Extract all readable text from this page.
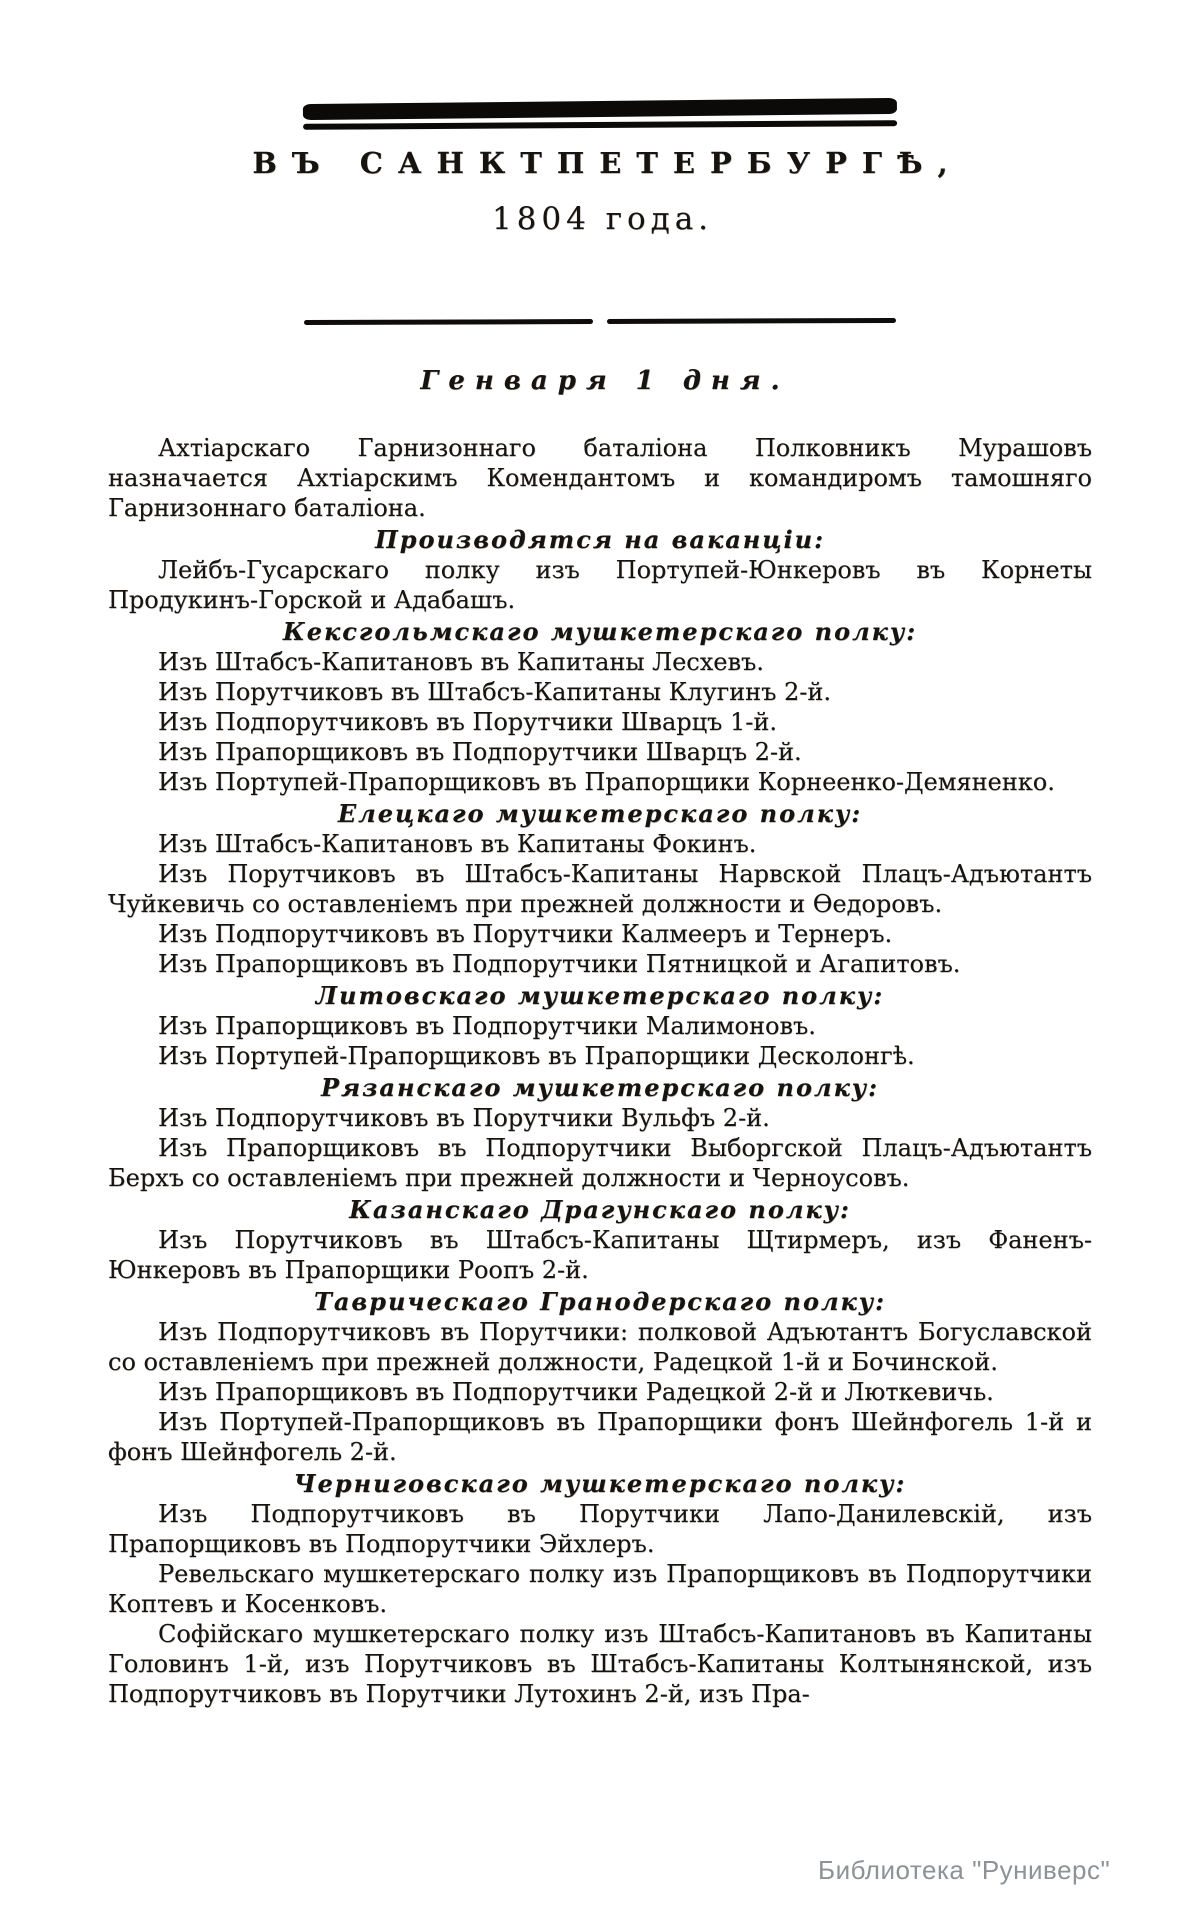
ВЪ САНКТПЕТЕРБУРГѢ,
1804 года.
Генваря 1 дня.
Ахтіарскаго Гарнизоннаго баталіона Полковникъ Мурашовъ назначается Ахтіарскимъ Комендантомъ и командиромъ тамошняго Гарнизоннаго баталіона.
Производятся на ваканціи:
Лейбъ-Гусарскаго полку изъ Портупей-Юнкеровъ въ Корнеты Продукинъ-Горской и Адабашъ.
Кексгольмскаго мушкетерскаго полку:
Изъ Штабсъ-Капитановъ въ Капитаны Лесхевъ.
Изъ Порутчиковъ въ Штабсъ-Капитаны Клугинъ 2-й.
Изъ Подпорутчиковъ въ Порутчики Шварцъ 1-й.
Изъ Прапорщиковъ въ Подпорутчики Шварцъ 2-й.
Изъ Портупей-Прапорщиковъ въ Прапорщики Корнеенко-Демяненко.
Елецкаго мушкетерскаго полку:
Изъ Штабсъ-Капитановъ въ Капитаны Фокинъ.
Изъ Порутчиковъ въ Штабсъ-Капитаны Нарвской Плацъ-Адъютантъ Чуйкевичь со оставленіемъ при прежней должности и Ѳедоровъ.
Изъ Подпорутчиковъ въ Порутчики Калмееръ и Тернеръ.
Изъ Прапорщиковъ въ Подпорутчики Пятницкой и Агапитовъ.
Литовскаго мушкетерскаго полку:
Изъ Прапорщиковъ въ Подпорутчики Малимоновъ.
Изъ Портупей-Прапорщиковъ въ Прапорщики Десколонгѣ.
Рязанскаго мушкетерскаго полку:
Изъ Подпорутчиковъ въ Порутчики Вульфъ 2-й.
Изъ Прапорщиковъ въ Подпорутчики Выборгской Плацъ-Адъютантъ Берхъ со оставленіемъ при прежней должности и Черноусовъ.
Казанскаго Драгунскаго полку:
Изъ Порутчиковъ въ Штабсъ-Капитаны Щтирмеръ, изъ Фаненъ-Юнкеровъ въ Прапорщики Роопъ 2-й.
Таврическаго Гранодерскаго полку:
Изъ Подпорутчиковъ въ Порутчики: полковой Адъютантъ Богуславской со оставленіемъ при прежней должности, Радецкой 1-й и Бочинской.
Изъ Прапорщиковъ въ Подпорутчики Радецкой 2-й и Люткевичь.
Изъ Портупей-Прапорщиковъ въ Прапорщики фонъ Шейнфогель 1-й и фонъ Шейнфогель 2-й.
Черниговскаго мушкетерскаго полку:
Изъ Подпорутчиковъ въ Порутчики Лапо-Данилевскій, изъ Прапорщиковъ въ Подпорутчики Эйхлеръ.
Ревельскаго мушкетерскаго полку изъ Прапорщиковъ въ Подпорутчики Коптевъ и Косенковъ.
Софійскаго мушкетерскаго полку изъ Штабсъ-Капитановъ въ Капитаны Головинъ 1-й, изъ Порутчиковъ въ Штабсъ-Капитаны Колтынянской, изъ Подпорутчиковъ въ Порутчики Лутохинъ 2-й, изъ Пра-
Библиотека "Руниверс"
